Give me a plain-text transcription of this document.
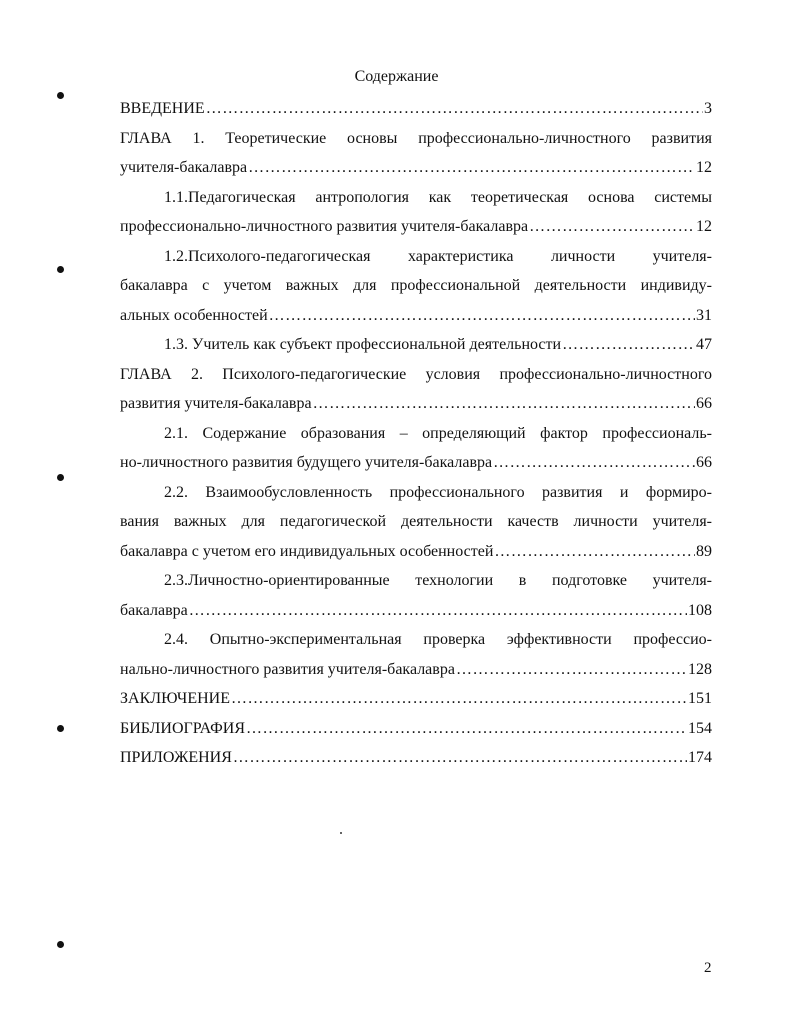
Содержание
ВВЕДЕНИЕ ………………………………………………………………………………………………………………………………………………	3
ГЛАВА 1. Теоретические основы профессионально-личностного развития
учителя-бакалавра ………………………………………………………………………………………………………………………………………………	12
1.1.Педагогическая антропология как теоретическая основа системы
профессионально-личностного развития учителя-бакалавра ………………………………………………………………………………………………………………………………………………	12
1.2.Психолого-педагогическая характеристика личности учителя-
бакалавра с учетом важных для профессиональной деятельности индивиду-
альных особенностей ………………………………………………………………………………………………………………………………………………	31
1.3. Учитель как субъект профессиональной деятельности ………………………………………………………………………………………………………………………………………………	47
ГЛАВА 2. Психолого-педагогические условия профессионально-личностного
развития учителя-бакалавра ………………………………………………………………………………………………………………………………………………	66
2.1. Содержание образования – определяющий фактор профессиональ-
но-личностного развития будущего учителя-бакалавра ………………………………………………………………………………………………………………………………………………	66
2.2. Взаимообусловленность профессионального развития и формиро-
вания важных для педагогической деятельности качеств личности учителя-
бакалавра с учетом его индивидуальных особенностей ………………………………………………………………………………………………………………………………………………	89
2.3.Личностно-ориентированные технологии в подготовке учителя-
бакалавра ………………………………………………………………………………………………………………………………………………	108
2.4. Опытно-экспериментальная проверка эффективности профессио-
нально-личностного развития учителя-бакалавра ………………………………………………………………………………………………………………………………………………	128
ЗАКЛЮЧЕНИЕ ………………………………………………………………………………………………………………………………………………	151
БИБЛИОГРАФИЯ ………………………………………………………………………………………………………………………………………………	154
ПРИЛОЖЕНИЯ ………………………………………………………………………………………………………………………………………………	174
2
